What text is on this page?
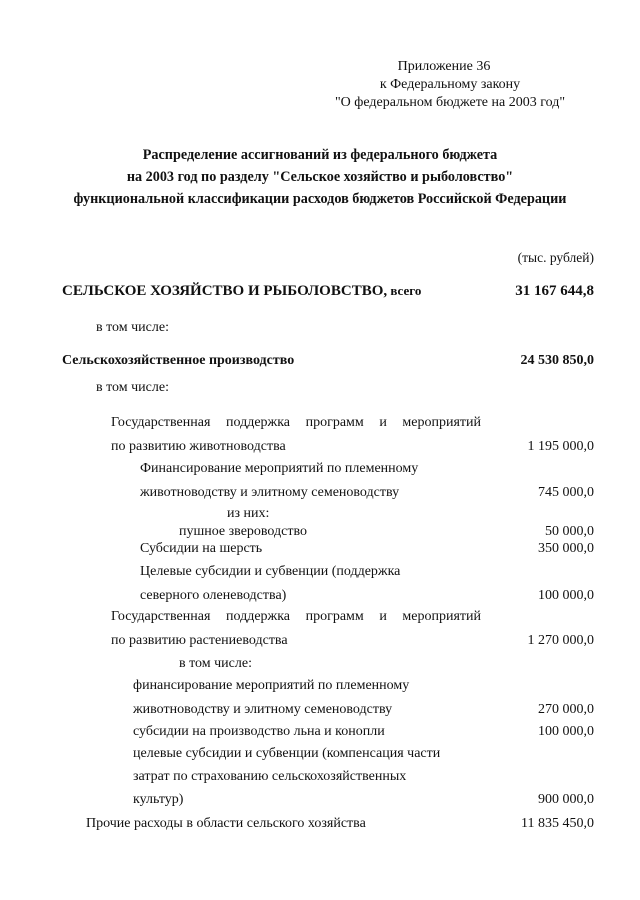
Приложение 36
к Федеральному закону
"О федеральном бюджете на 2003 год"
Распределение ассигнований из федерального бюджета
на 2003 год по разделу "Сельское хозяйство и рыболовство"
функциональной классификации расходов бюджетов Российской Федерации
(тыс. рублей)
СЕЛЬСКОЕ ХОЗЯЙСТВО И РЫБОЛОВСТВО, всего	31 167 644,8
в том числе:
Сельскохозяйственное производство	24 530 850,0
в том числе:
Государственная поддержка программ и мероприятий
по развитию животноводства	1 195 000,0
Финансирование мероприятий по племенному
животноводству и элитному семеноводству	745 000,0
из них:
пушное звероводство	50 000,0
Субсидии на шерсть	350 000,0
Целевые субсидии и субвенции (поддержка
северного оленеводства)	100 000,0
Государственная поддержка программ и мероприятий
по развитию растениеводства	1 270 000,0
в том числе:
финансирование мероприятий по племенному
животноводству и элитному семеноводству	270 000,0
субсидии на производство льна и конопли	100 000,0
целевые субсидии и субвенции (компенсация части
затрат по страхованию сельскохозяйственных
культур)	900 000,0
Прочие расходы в области сельского хозяйства	11 835 450,0
